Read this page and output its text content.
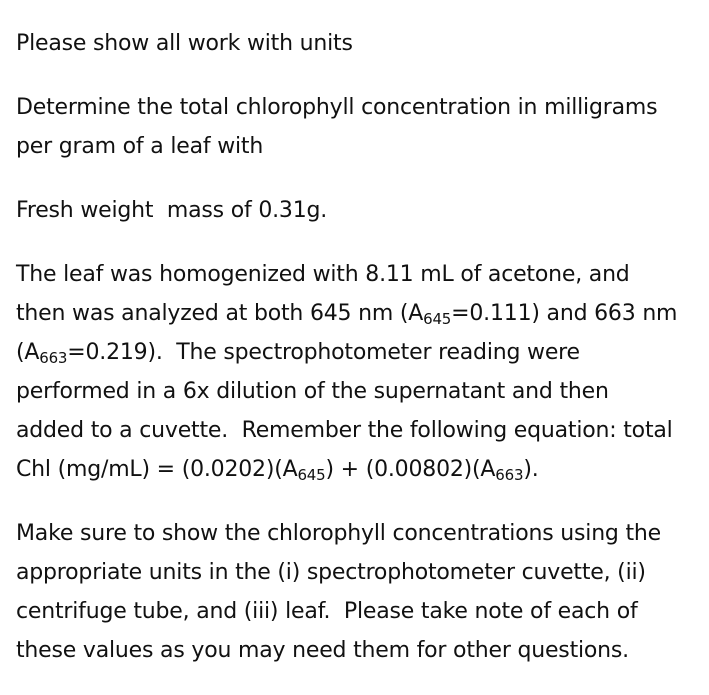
Please show all work with units

Determine the total chlorophyll concentration in milligrams
per gram of a leaf with

Fresh weight  mass of 0.31g.

The leaf was homogenized with 8.11 mL of acetone, and
then was analyzed at both 645 nm $(A_{645}=0.111)$ and 663 nm
$(A_{663}=0.219)$.  The spectrophotometer reading were
performed in a 6x dilution of the supernatant and then
added to a cuvette.  Remember the following equation: total
Chl $(mg/mL) = (0.0202)(A_{645}) + (0.00802)(A_{663})$.

Make sure to show the chlorophyll concentrations using the
appropriate units in the (i) spectrophotometer cuvette, (ii)
centrifuge tube, and (iii) leaf.  Please take note of each of
these values as you may need them for other questions.
